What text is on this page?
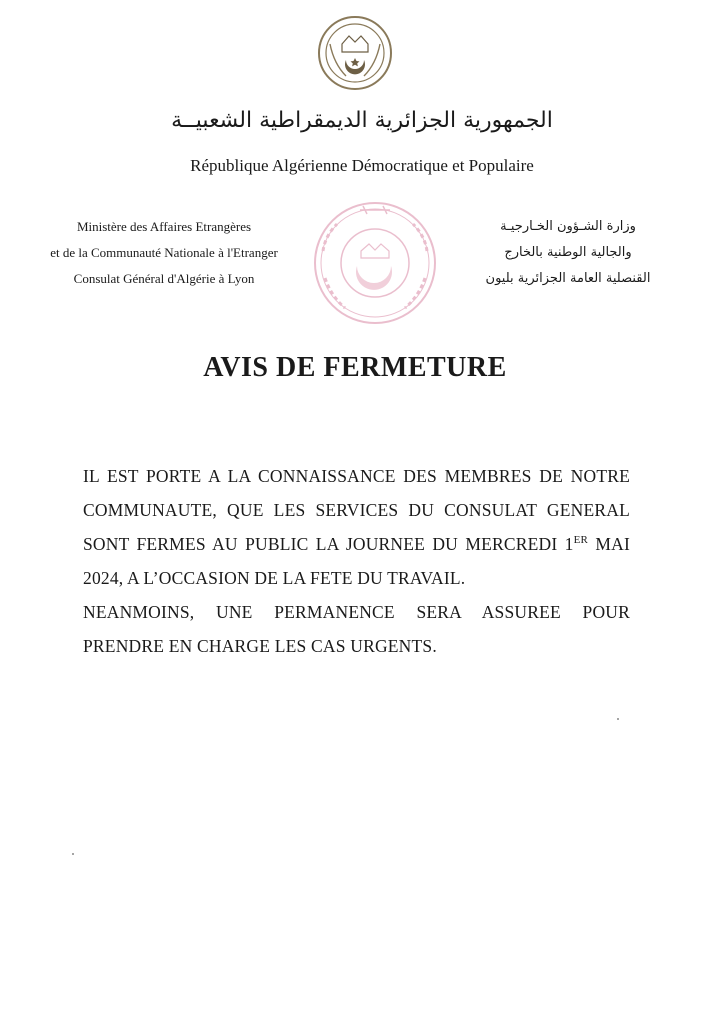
الجمهورية الجزائرية الديمقراطية الشعبيــة
République Algérienne Démocratique et Populaire
Ministère des Affaires Etrangères
et de la Communauté Nationale à l'Etranger
Consulat Général d'Algérie à Lyon
وزارة الشـؤون الخـارجيـة
والجالية الوطنية بالخارج
القنصلية العامة الجزائرية بليون
AVIS DE FERMETURE

IL EST PORTE A LA CONNAISSANCE DES MEMBRES DE NOTRE COMMUNAUTE, QUE LES SERVICES DU CONSULAT GENERAL SONT FERMES AU PUBLIC LA JOURNEE DU MERCREDI 1ER MAI 2024, A L’OCCASION DE LA FETE DU TRAVAIL.

NEANMOINS, UNE PERMANENCE SERA ASSUREE POUR PRENDRE EN CHARGE LES CAS URGENTS.
